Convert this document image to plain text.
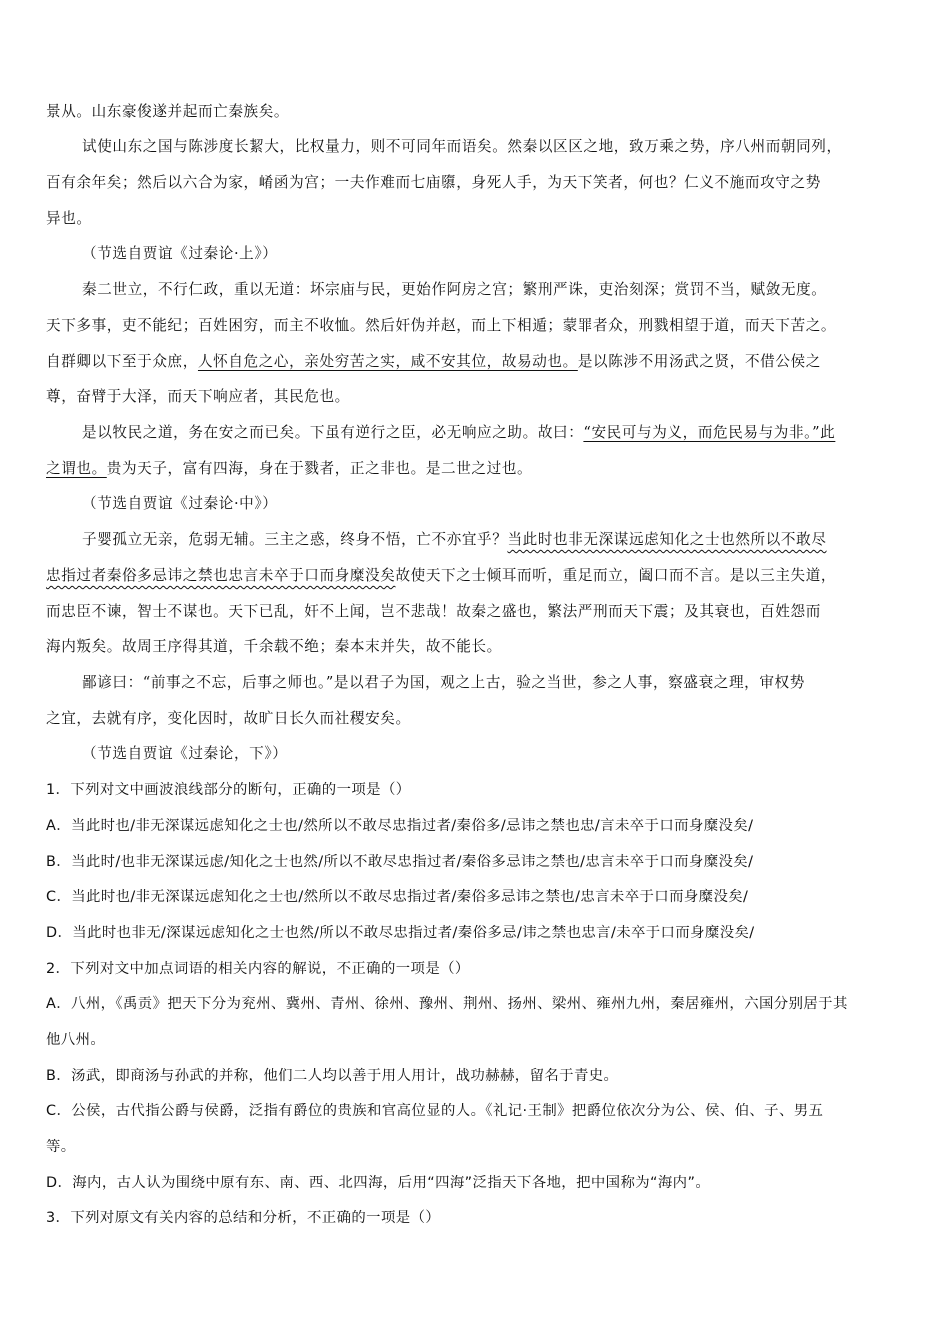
景从。山东豪俊遂并起而亡秦族矣。
试使山东之国与陈涉度长絜大，比权量力，则不可同年而语矣。然秦以区区之地，致万乘之势，序八州而朝同列，
百有余年矣；然后以六合为家，崤函为宫；一夫作难而七庙隳，身死人手，为天下笑者，何也？仁义不施而攻守之势
异也。
（节选自贾谊《过秦论·上》）
秦二世立，不行仁政，重以无道：坏宗庙与民，更始作阿房之宫；繁刑严诛，吏治刻深；赏罚不当，赋敛无度。
天下多事，吏不能纪；百姓困穷，而主不收恤。然后奸伪并赵，而上下相遁；蒙罪者众，刑戮相望于道，而天下苦之。
自群卿以下至于众庶，人怀自危之心，亲处穷苦之实，咸不安其位，故易动也。是以陈涉不用汤武之贤，不借公侯之
尊，奋臂于大泽，而天下响应者，其民危也。
是以牧民之道，务在安之而已矣。下虽有逆行之臣，必无响应之助。故曰：“安民可与为义，而危民易与为非。”此
之谓也。贵为天子，富有四海，身在于戮者，正之非也。是二世之过也。
（节选自贾谊《过秦论·中》）
子婴孤立无亲，危弱无辅。三主之惑，终身不悟，亡不亦宜乎？当此时也非无深谋远虑知化之士也然所以不敢尽
忠指过者秦俗多忌讳之禁也忠言未卒于口而身糜没矣故使天下之士倾耳而听，重足而立，阖口而不言。是以三主失道，
而忠臣不谏，智士不谋也。天下已乱，奸不上闻，岂不悲哉！故秦之盛也，繁法严刑而天下震；及其衰也，百姓怨而
海内叛矣。故周王序得其道，千余载不绝；秦本末并失，故不能长。
鄙谚曰：“前事之不忘，后事之师也。”是以君子为国，观之上古，验之当世，参之人事，察盛衰之理，审权势
之宜，去就有序，变化因时，故旷日长久而社稷安矣。
（节选自贾谊《过秦论，下》）
1．下列对文中画波浪线部分的断句，正确的一项是（）
A．当此时也/非无深谋远虑知化之士也/然所以不敢尽忠指过者/秦俗多/忌讳之禁也忠/言未卒于口而身糜没矣/
B．当此时/也非无深谋远虑/知化之士也然/所以不敢尽忠指过者/秦俗多忌讳之禁也/忠言未卒于口而身糜没矣/
C．当此时也/非无深谋远虑知化之士也/然所以不敢尽忠指过者/秦俗多忌讳之禁也/忠言未卒于口而身糜没矣/
D．当此时也非无/深谋远虑知化之士也然/所以不敢尽忠指过者/秦俗多忌/讳之禁也忠言/未卒于口而身糜没矣/
2．下列对文中加点词语的相关内容的解说，不正确的一项是（）
A．八州，《禹贡》把天下分为兖州、冀州、青州、徐州、豫州、荆州、扬州、梁州、雍州九州，秦居雍州，六国分别居于其
他八州。
B．汤武，即商汤与孙武的并称，他们二人均以善于用人用计，战功赫赫，留名于青史。
C．公侯，古代指公爵与侯爵，泛指有爵位的贵族和官高位显的人。《礼记·王制》把爵位依次分为公、侯、伯、子、男五
等。
D．海内，古人认为围绕中原有东、南、西、北四海，后用“四海”泛指天下各地，把中国称为“海内”。
3．下列对原文有关内容的总结和分析，不正确的一项是（）
